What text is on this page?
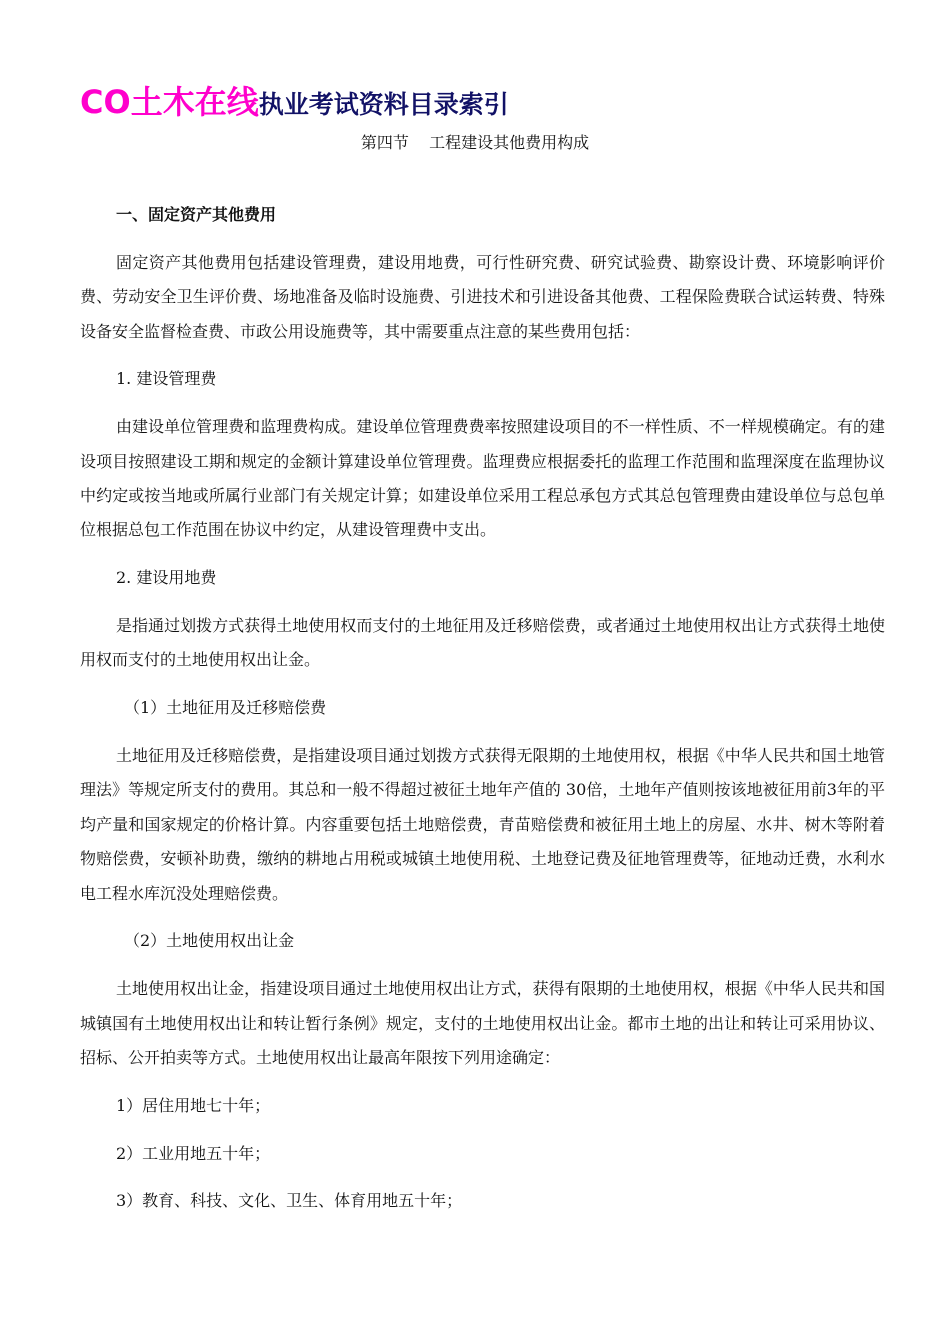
CO土木在线执业考试资料目录索引
第四节    工程建设其他费用构成

一、固定资产其他费用

固定资产其他费用包括建设管理费，建设用地费，可行性研究费、研究试验费、勘察设计费、环境影响评价费、劳动安全卫生评价费、场地准备及临时设施费、引进技术和引进设备其他费、工程保险费联合试运转费、特殊设备安全监督检查费、市政公用设施费等，其中需要重点注意的某些费用包括：

1. 建设管理费

由建设单位管理费和监理费构成。建设单位管理费费率按照建设项目的不一样性质、不一样规模确定。有的建设项目按照建设工期和规定的金额计算建设单位管理费。监理费应根据委托的监理工作范围和监理深度在监理协议中约定或按当地或所属行业部门有关规定计算；如建设单位采用工程总承包方式其总包管理费由建设单位与总包单位根据总包工作范围在协议中约定，从建设管理费中支出。

2. 建设用地费

是指通过划拨方式获得土地使用权而支付的土地征用及迁移赔偿费，或者通过土地使用权出让方式获得土地使用权而支付的土地使用权出让金。

（1）土地征用及迁移赔偿费

土地征用及迁移赔偿费，是指建设项目通过划拨方式获得无限期的土地使用权，根据《中华人民共和国土地管理法》等规定所支付的费用。其总和一般不得超过被征土地年产值的 30倍，土地年产值则按该地被征用前3年的平均产量和国家规定的价格计算。内容重要包括土地赔偿费，青苗赔偿费和被征用土地上的房屋、水井、树木等附着物赔偿费，安顿补助费，缴纳的耕地占用税或城镇土地使用税、土地登记费及征地管理费等，征地动迁费，水利水电工程水库沉没处理赔偿费。

（2）土地使用权出让金

土地使用权出让金，指建设项目通过土地使用权出让方式，获得有限期的土地使用权，根据《中华人民共和国城镇国有土地使用权出让和转让暂行条例》规定，支付的土地使用权出让金。都市土地的出让和转让可采用协议、招标、公开拍卖等方式。土地使用权出让最高年限按下列用途确定：

1）居住用地七十年；

2）工业用地五十年；

3）教育、科技、文化、卫生、体育用地五十年；
